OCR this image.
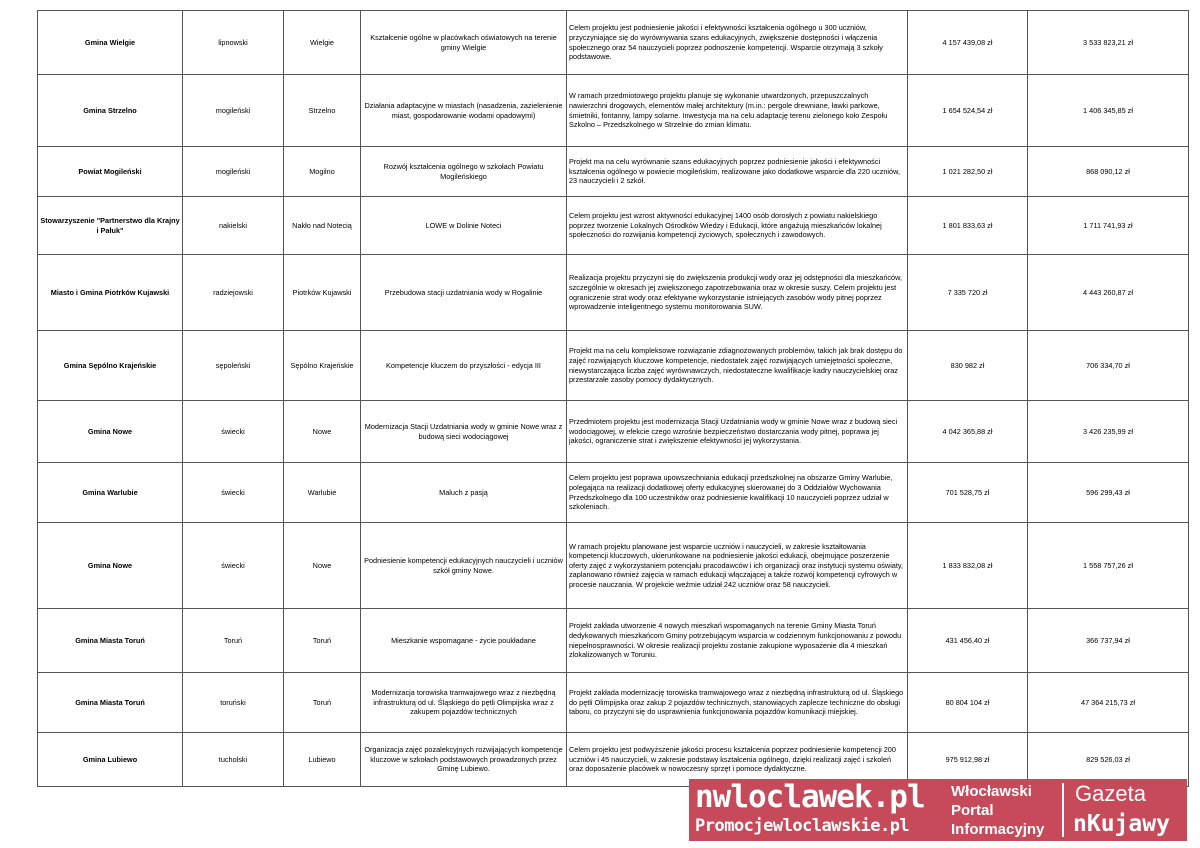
Gmina Wielgie	lipnowski	Wielgie	Kształcenie ogólne w placówkach oświatowych na terenie gminy Wielgie	Celem projektu jest podniesienie jakości i efektywności kształcenia ogólnego u 300 uczniów, przyczyniające się do wyrównywania szans edukacyjnych, zwiększenie dostępności i włączenia społecznego oraz 54 nauczycieli poprzez podnoszenie kompetencji. Wsparcie otrzymają 3 szkoły podstawowe.	4 157 439,08 zł	3 533 823,21 zł
Gmina Strzelno	mogileński	Strzelno	Działania adaptacyjne w miastach (nasadzenia, zazielenienie miast, gospodarowanie wodami opadowymi)	W ramach przedmiotowego projektu planuje się wykonanie utwardzonych, przepuszczalnych nawierzchni drogowych, elementów małej architektury (m.in.: pergole drewniane, ławki parkowe, śmietniki, fontanny, lampy solarne. Inwestycja ma na celu adaptację terenu zielonego koło Zespołu Szkolno – Przedszkolnego w Strzelnie do zmian klimatu.	1 654 524,54 zł	1 406 345,85 zł
Powiat Mogileński	mogileński	Mogilno	Rozwój kształcenia ogólnego w szkołach Powiatu Mogileńskiego	Projekt ma na celu wyrównanie szans edukacyjnych poprzez podniesienie jakości i efektywności kształcenia ogólnego w powiecie mogileńskim, realizowane jako dodatkowe wsparcie dla 220 uczniów, 23 nauczycieli i 2 szkół.	1 021 282,50 zł	868 090,12 zł
Stowarzyszenie "Partnerstwo dla Krajny i Pałuk"	nakielski	Nakło nad Notecią	LOWE w Dolinie Noteci	Celem projektu jest wzrost aktywności edukacyjnej 1400 osób dorosłych z powiatu nakielskiego poprzez tworzenie Lokalnych Ośrodków Wiedzy i Edukacji, które angażują mieszkańców lokalnej społeczności do rozwijania kompetencji życiowych, społecznych i zawodowych.	1 801 833,63 zł	1 711 741,93 zł
Miasto i Gmina Piotrków Kujawski	radziejowski	Piotrków Kujawski	Przebudowa stacji uzdatniania wody w Rogalinie	Realizacja projektu przyczyni się do zwiększenia produkcji wody oraz jej odstępności dla mieszkańców, szczególnie w okresach jej zwiększonego zapotrzebowania oraz w okresie suszy. Celem projektu jest ograniczenie strat wody oraz efektywne wykorzystanie istniejących zasobów wody pitnej poprzez wprowadzenie inteligentnego systemu monitorowania SUW.	7 335 720 zł	4 443 260,87 zł
Gmina Sępólno Krajeńskie	sępoleński	Sępólno Krajeńskie	Kompetencje kluczem do przyszłości - edycja III	Projekt ma na celu kompleksowe rozwiązanie zdiagnozowanych problemów, takich jak brak dostępu do zajęć rozwijających kluczowe kompetencje, niedostatek zajęć rozwijających umiejętności społeczne, niewystarczająca liczba zajęć wyrównawczych, niedostateczne kwalifikacje kadry nauczycielskiej oraz przestarzałe zasoby pomocy dydaktycznych.	830 982 zł	706 334,70 zł
Gmina Nowe	świecki	Nowe	Modernizacja Stacji Uzdatniania wody w gminie Nowe wraz z budową sieci wodociągowej	Przedmiotem projektu jest modernizacja Stacji Uzdatniania wody w gminie Nowe wraz z budową sieci wodociągowej, w efekcie czego wzrośnie bezpieczeństwo dostarczania wody pitnej, poprawa jej jakości, ograniczenie strat i zwiększenie efektywności jej wykorzystania.	4 042 365,88 zł	3 426 235,99 zł
Gmina Warlubie	świecki	Warlubie	Maluch z pasją	Celem projektu jest poprawa upowszechniania edukacji przedszkolnej na obszarze Gminy Warlubie, polegająca na realizacji dodatkowej oferty edukacyjnej skierowanej do 3 Oddziałów Wychowania Przedszkolnego dla 100 uczestników oraz podniesienie kwalifikacji 10 nauczycieli poprzez udział w szkoleniach.	701 528,75 zł	596 299,43 zł
Gmina Nowe	świecki	Nowe	Podniesienie kompetencji edukacyjnych nauczycieli i uczniów szkół gminy Nowe.	W ramach projektu planowane jest wsparcie uczniów i nauczycieli, w zakresie kształtowania kompetencji kluczowych, ukierunkowane na podniesienie jakości edukacji, obejmujące poszerzenie oferty zajęć z wykorzystaniem potencjału pracodawców i ich organizacji oraz instytucji systemu oświaty, zaplanowano również zajęcia w ramach edukacji włączającej a także rozwój kompetencji cyfrowych w procesie nauczania. W projekcie weźmie udział 242 uczniów oraz 58 nauczycieli.	1 833 832,08 zł	1 558 757,26 zł
Gmina Miasta Toruń	Toruń	Toruń	Mieszkanie wspomagane - życie poukładane	Projekt zakłada utworzenie 4 nowych mieszkań wspomaganych na terenie Gminy Miasta Toruń dedykowanych mieszkańcom Gminy potrzebującym wsparcia w codziennym funkcjonowaniu z powodu niepełnosprawności. W okresie realizacji projektu zostanie zakupione wyposażenie dla 4 mieszkań zlokalizowanych w Toruniu.	431 456,40 zł	366 737,94 zł
Gmina Miasta Toruń	toruński	Toruń	Modernizacja torowiska tramwajowego wraz z niezbędną infrastrukturą od ul. Śląskiego do pętli Olimpijska wraz z zakupem pojazdów technicznych	Projekt zakłada modernizację torowiska tramwajowego wraz z niezbędną infrastrukturą od ul. Śląskiego do pętli Olimpijska oraz zakup 2 pojazdów technicznych, stanowiących zaplecze techniczne do obsługi taboru, co przyczyni się do usprawnienia funkcjonowania pojazdów komunikacji miejskiej.	80 804 104 zł	47 364 215,73 zł
Gmina Lubiewo	tucholski	Lubiewo	Organizacja zajęć pozalekcyjnych rozwijających kompetencje kluczowe w szkołach podstawowych prowadzonych przez Gminę Lubiewo.	Celem projektu jest podwyższenie jakości procesu kształcenia poprzez podniesienie kompetencji 200 uczniów i 45 nauczycieli, w zakresie podstawy kształcenia ogólnego, dzięki realizacji zajęć i szkoleń oraz doposażenie placówek w nowoczesny sprzęt i pomoce dydaktyczne.	975 912,98 zł	829 526,03 zł
nwloclawek.pl
Promocjewloclawskie.pl
Włocławski
Portal
Informacyjny
Gazeta
nKujawy
